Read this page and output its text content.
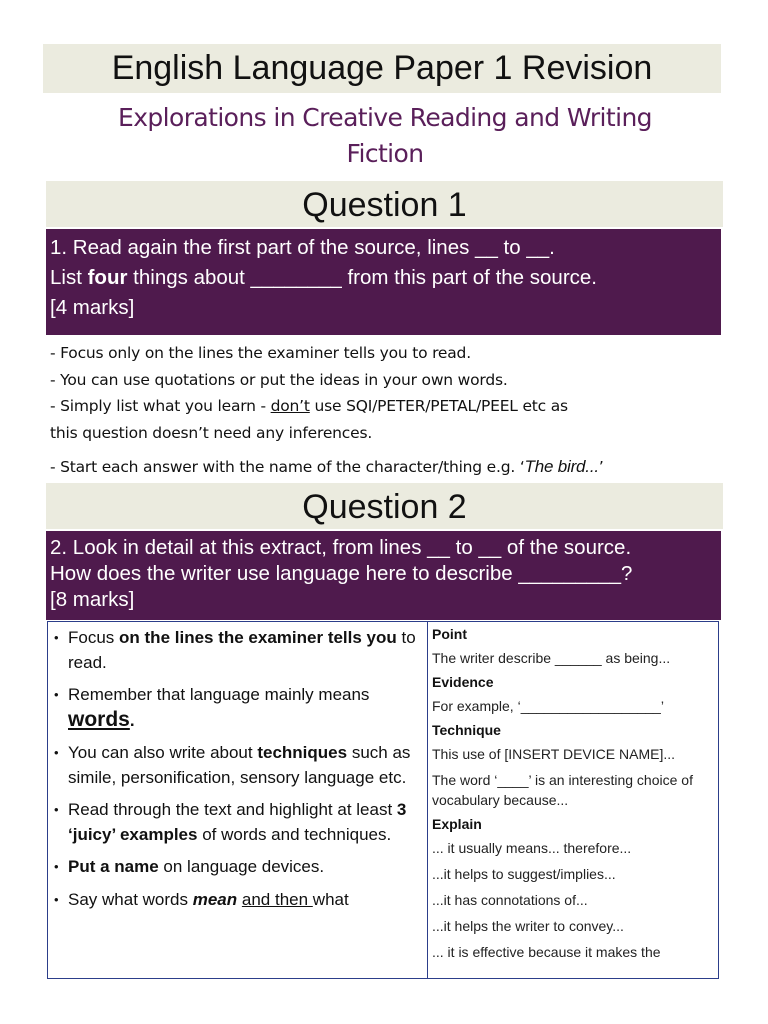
English Language Paper 1 Revision
Explorations in Creative Reading and Writing
Fiction
Question 1

1. Read again the first part of the source, lines __ to __.

List four things about ________ from this part of the source.

[4 marks]

- Focus only on the lines the examiner tells you to read.

- You can use quotations or put the ideas in your own words.

- Simply list what you learn - don’t use SQI/PETER/PETAL/PEEL etc as

this question doesn’t need any inferences.

- Start each answer with the name of the character/thing e.g. ‘The bird...’

Question 2

2. Look in detail at this extract, from lines __ to __ of the source.

How does the writer use language here to describe _________?

[8 marks]

• Focus on the lines the examiner tells you to read.
• Remember that language mainly means words.
• You can also write about techniques such as simile, personification, sensory language etc.
• Read through the text and highlight at least 3 ‘juicy’ examples of words and techniques.
• Put a name on language devices.
• Say what words mean and then what
Point
The writer describe ______ as being...
Evidence
For example, ‘__________________’
Technique
This use of [INSERT DEVICE NAME]...
The word ‘____’ is an interesting choice of vocabulary because...
Explain
... it usually means... therefore...
...it helps to suggest/implies...
...it has connotations of...
...it helps the writer to convey...
... it is effective because it makes the
